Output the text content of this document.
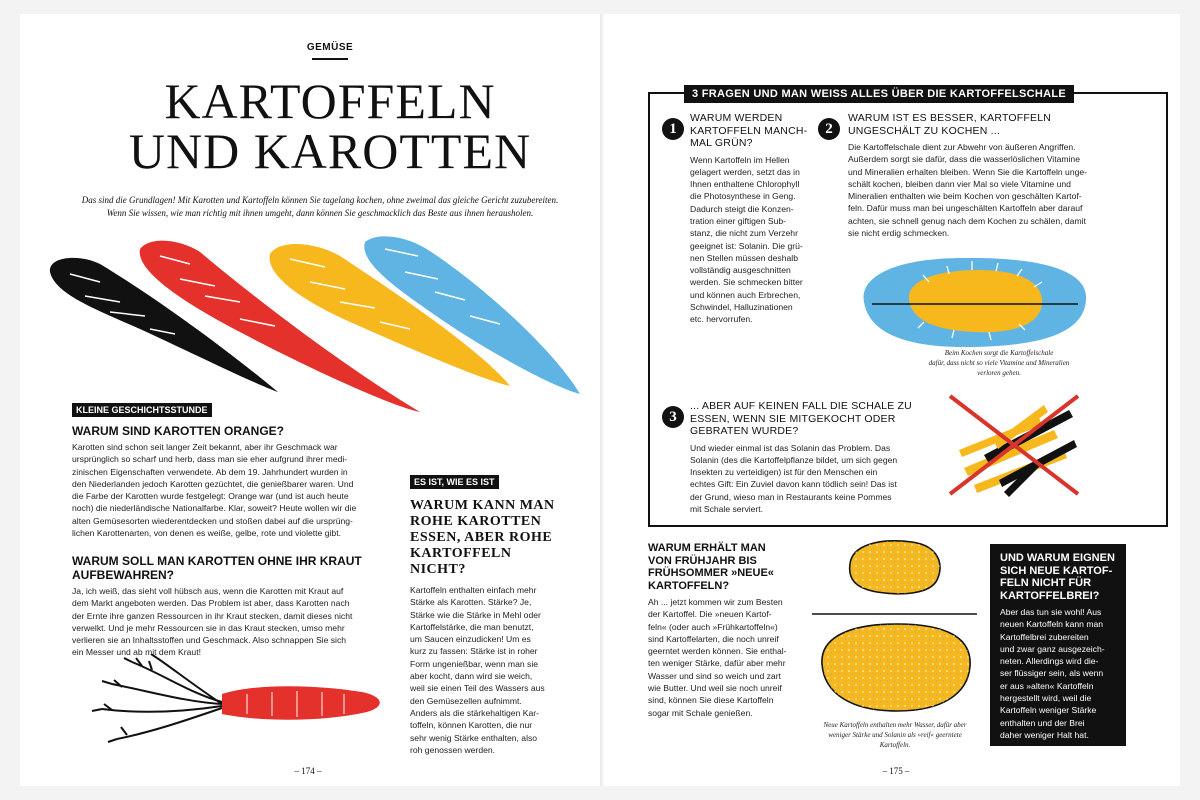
GEMÜSE
KARTOFFELN
UND KAROTTEN
Das sind die Grundlagen! Mit Karotten und Kartoffeln können Sie tagelang kochen, ohne zweimal das gleiche Gericht zuzubereiten.
Wenn Sie wissen, wie man richtig mit ihnen umgeht, dann können Sie geschmacklich das Beste aus ihnen herausholen.
KLEINE GESCHICHTSSTUNDE
WARUM SIND KAROTTEN ORANGE?
Karotten sind schon seit langer Zeit bekannt, aber ihr Geschmack war
ursprünglich so scharf und herb, dass man sie eher aufgrund ihrer medi-
zinischen Eigenschaften verwendete. Ab dem 19. Jahrhundert wurden in
den Niederlanden jedoch Karotten gezüchtet, die genießbarer waren. Und
die Farbe der Karotten wurde festgelegt: Orange war (und ist auch heute
noch) die niederländische Nationalfarbe. Klar, soweit? Heute wollen wir die
alten Gemüsesorten wiederentdecken und stoßen dabei auf die ursprüng-
lichen Karottenarten, von denen es weiße, gelbe, rote und violette gibt.
WARUM SOLL MAN KAROTTEN OHNE IHR KRAUT
AUFBEWAHREN?
Ja, ich weiß, das sieht voll hübsch aus, wenn die Karotten mit Kraut auf
dem Markt angeboten werden. Das Problem ist aber, dass Karotten nach
der Ernte ihre ganzen Ressourcen in ihr Kraut stecken, damit dieses nicht
verwelkt. Und je mehr Ressourcen sie in das Kraut stecken, umso mehr
verlieren sie an Inhaltsstoffen und Geschmack. Also schnappen Sie sich
ein Messer und ab mit dem Kraut!
ES IST, WIE ES IST
WARUM KANN MAN
ROHE KAROTTEN
ESSEN, ABER ROHE
KARTOFFELN
NICHT?
Kartoffeln enthalten einfach mehr
Stärke als Karotten. Stärke? Je,
Stärke wie die Stärke in Mehl oder
Kartoffelstärke, die man benutzt,
um Saucen einzudicken! Um es
kurz zu fassen: Stärke ist in roher
Form ungenießbar, wenn man sie
aber kocht, dann wird sie weich,
weil sie einen Teil des Wassers aus
den Gemüsezellen aufnimmt.
Anders als die stärkehaltigen Kar-
toffeln, können Karotten, die nur
sehr wenig Stärke enthalten, also
roh genossen werden.
– 174 –
3 FRAGEN UND MAN WEISS ALLES ÜBER DIE KARTOFFELSCHALE
1
WARUM WERDEN
KARTOFFELN MANCH-
MAL GRÜN?
Wenn Kartoffeln im Hellen
gelagert werden, setzt das in
Ihnen enthaltene Chlorophyll
die Photosynthese in Geng.
Dadurch steigt die Konzen-
tration einer giftigen Sub-
stanz, die nicht zum Verzehr
geeignet ist: Solanin. Die grü-
nen Stellen müssen deshalb
vollständig ausgeschnitten
werden. Sie schmecken bitter
und können auch Erbrechen,
Schwindel, Halluzinationen
etc. hervorrufen.
2
WARUM IST ES BESSER, KARTOFFELN
UNGESCHÄLT ZU KOCHEN ...
Die Kartoffelschale dient zur Abwehr von äußeren Angriffen.
Außerdem sorgt sie dafür, dass die wasserlöslichen Vitamine
und Mineralien erhalten bleiben. Wenn Sie die Kartoffeln unge-
schält kochen, bleiben dann vier Mal so viele Vitamine und
Mineralien enthalten wie beim Kochen von geschälten Kartof-
feln. Dafür muss man bei ungeschälten Kartoffeln aber darauf
achten, sie schnell genug nach dem Kochen zu schälen, damit
sie nicht erdig schmecken.
Beim Kochen sorgt die Kartoffelschale
dafür, dass nicht so viele Vitamine und Mineralien
verloren gehen.
3
... ABER AUF KEINEN FALL DIE SCHALE ZU
ESSEN, WENN SIE MITGEKOCHT ODER
GEBRATEN WURDE?
Und wieder einmal ist das Solanin das Problem. Das
Solanin (des die Kartoffelpflanze bildet, um sich gegen
Insekten zu verteidigen) ist für den Menschen ein
echtes Gift: Ein Zuviel davon kann tödlich sein! Das ist
der Grund, wieso man in Restaurants keine Pommes
mit Schale serviert.
WARUM ERHÄLT MAN
VON FRÜHJAHR BIS
FRÜHSOMMER »NEUE«
KARTOFFELN?
Ah ... jetzt kommen wir zum Besten
der Kartoffel. Die »neuen Kartof-
feln« (oder auch »Frühkartoffeln«)
sind Kartoffelarten, die noch unreif
geerntet werden können. Sie enthal-
ten weniger Stärke, dafür aber mehr
Wasser und sind so weich und zart
wie Butter. Und weil sie noch unreif
sind, können Sie diese Kartoffeln
sogar mit Schale genießen.
Neue Kartoffeln enthalten mehr Wasser, dafür aber
weniger Stärke und Solanin als »reif« geerntete
Kartoffeln.
UND WARUM EIGNEN
SICH NEUE KARTOF-
FELN NICHT FÜR
KARTOFFELBREI?
Aber das tun sie wohl! Aus
neuen Kartoffeln kann man
Kartoffelbrei zubereiten
und zwar ganz ausgezeich-
neten. Allerdings wird die-
ser flüssiger sein, als wenn
er aus »alten« Kartoffeln
hergestellt wird, weil die
Kartoffeln weniger Stärke
enthalten und der Brei
daher weniger Halt hat.
– 175 –
